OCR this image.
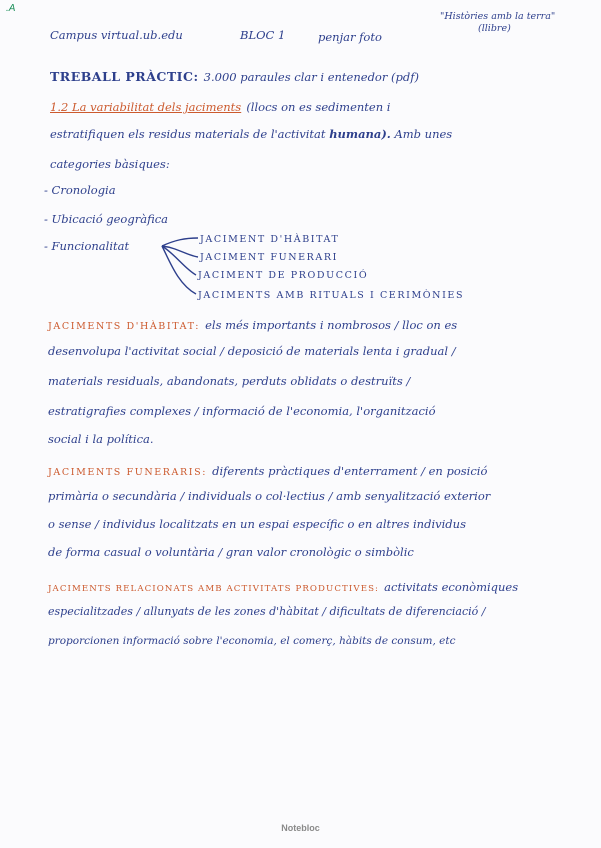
.A
Campus virtual.ub.edu	BLOC 1	penjar foto
"Històries amb la terra"
(llibre)
TREBALL PRÀCTIC: 3.000 paraules clar i entenedor (pdf)
1.2 La variabilitat dels jaciments (llocs on es sedimenten i
estratifiquen els residus materials de l'activitat humana). Amb unes
categories bàsiques:
- Cronologia
- Ubicació geogràfica
- Funcionalitat	JACIMENT D'HÀBITAT
JACIMENT FUNERARI
JACIMENT DE PRODUCCIÓ
JACIMENTS AMB RITUALS I CERIMÒNIES
JACIMENTS D'HÀBITAT: els més importants i nombrosos / lloc on es
desenvolupa l'activitat social / deposició de materials lenta i gradual /
materials residuals, abandonats, perduts oblidats o destruïts /
estratigrafies complexes / informació de l'economia, l'organització
social i la política.
JACIMENTS FUNERARIS: diferents pràctiques d'enterrament / en posició
primària o secundària / individuals o col·lectius / amb senyalització exterior
o sense / individus localitzats en un espai específic o en altres individus
de forma casual o voluntària / gran valor cronològic o simbòlic
JACIMENTS RELACIONATS AMB ACTIVITATS PRODUCTIVES: activitats econòmiques
especialitzades / allunyats de les zones d'hàbitat / dificultats de diferenciació /
proporcionen informació sobre l'economia, el comerç, hàbits de consum, etc
Notebloc
